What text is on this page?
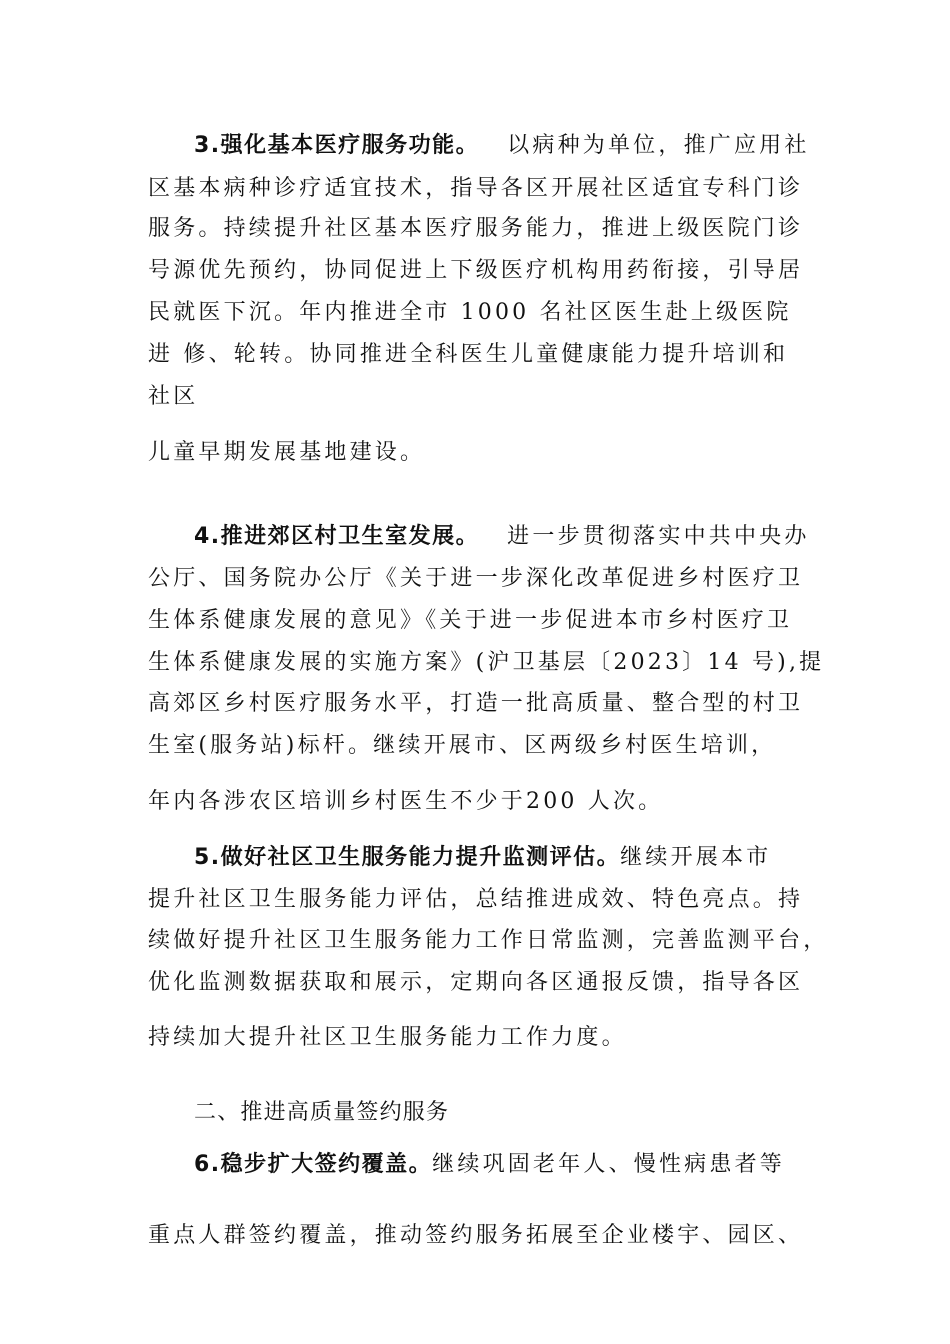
3.强化基本医疗服务功能。 以病种为单位，推广应用社
区基本病种诊疗适宜技术，指导各区开展社区适宜专科门诊
服务。持续提升社区基本医疗服务能力，推进上级医院门诊
号源优先预约，协同促进上下级医疗机构用药衔接，引导居
民就医下沉。年内推进全市 1000 名社区医生赴上级医院
进 修、轮转。协同推进全科医生儿童健康能力提升培训和
社区
儿童早期发展基地建设。
4.推进郊区村卫生室发展。 进一步贯彻落实中共中央办
公厅、国务院办公厅《关于进一步深化改革促进乡村医疗卫
生体系健康发展的意见》《关于进一步促进本市乡村医疗卫
生体系健康发展的实施方案》(沪卫基层〔2023〕14 号),提
高郊区乡村医疗服务水平，打造一批高质量、整合型的村卫
生室(服务站)标杆。继续开展市、区两级乡村医生培训，
年内各涉农区培训乡村医生不少于200 人次。
5.做好社区卫生服务能力提升监测评估。继续开展本市
提升社区卫生服务能力评估，总结推进成效、特色亮点。持
续做好提升社区卫生服务能力工作日常监测，完善监测平台，
优化监测数据获取和展示，定期向各区通报反馈，指导各区
持续加大提升社区卫生服务能力工作力度。
二、推进高质量签约服务
6.稳步扩大签约覆盖。继续巩固老年人、慢性病患者等
重点人群签约覆盖，推动签约服务拓展至企业楼宇、园区、
